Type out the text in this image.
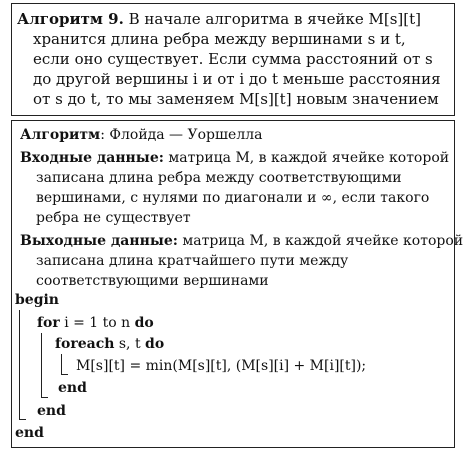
Алгоритм 9. В начале алгоритма в ячейке M[s][t]
хранится длина ребра между вершинами s и t,
если оно существует. Если сумма расстояний от s
до другой вершины i и от i до t меньше расстояния
от s до t, то мы заменяем M[s][t] новым значением
Алгоритм: Флойда — Уоршелла
Входные данные: матрица M, в каждой ячейке которой
записана длина ребра между соответствующими
вершинами, с нулями по диагонали и ∞, если такого
ребра не существует
Выходные данные: матрица M, в каждой ячейке которой
записана длина кратчайшего пути между
соответствующими вершинами
begin
for i = 1 to n do
foreach s, t do
M[s][t] = min(M[s][t], (M[s][i] + M[i][t]);
end
end
end
